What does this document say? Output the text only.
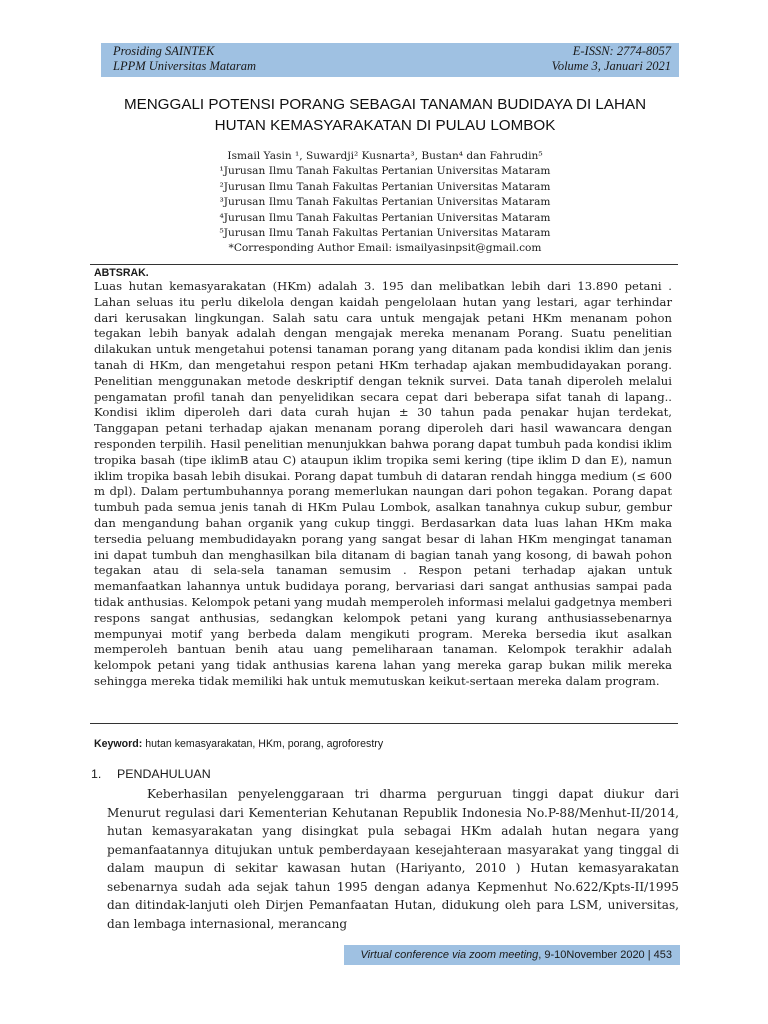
Prosiding SAINTEK	E-ISSN: 2774-8057
LPPM Universitas Mataram	Volume 3, Januari 2021
MENGGALI POTENSI PORANG SEBAGAI TANAMAN BUDIDAYA DI LAHAN
HUTAN KEMASYARAKATAN DI PULAU LOMBOK
Ismail Yasin ¹, Suwardji² Kusnarta³, Bustan⁴ dan Fahrudin⁵
¹Jurusan Ilmu Tanah Fakultas Pertanian Universitas Mataram
²Jurusan Ilmu Tanah Fakultas Pertanian Universitas Mataram
³Jurusan Ilmu Tanah Fakultas Pertanian Universitas Mataram
⁴Jurusan Ilmu Tanah Fakultas Pertanian Universitas Mataram
⁵Jurusan Ilmu Tanah Fakultas Pertanian Universitas Mataram
*Corresponding Author Email: ismailyasinpsit@gmail.com
ABTSRAK.
Luas hutan kemasyarakatan (HKm) adalah 3. 195 dan melibatkan lebih dari 13.890 petani . Lahan seluas itu perlu dikelola dengan kaidah pengelolaan hutan yang lestari, agar terhindar dari kerusakan lingkungan. Salah satu cara untuk mengajak petani HKm menanam pohon tegakan lebih banyak adalah dengan mengajak mereka menanam Porang. Suatu penelitian dilakukan untuk mengetahui potensi tanaman porang yang ditanam pada kondisi iklim dan jenis tanah di HKm, dan mengetahui respon petani HKm terhadap ajakan membudidayakan porang. Penelitian menggunakan metode deskriptif dengan teknik survei. Data tanah diperoleh melalui pengamatan profil tanah dan penyelidikan secara cepat dari beberapa sifat tanah di lapang.. Kondisi iklim diperoleh dari data curah hujan ± 30 tahun pada penakar hujan terdekat, Tanggapan petani terhadap ajakan menanam porang diperoleh dari hasil wawancara dengan responden terpilih. Hasil penelitian menunjukkan bahwa porang dapat tumbuh pada kondisi iklim tropika basah (tipe iklimB atau C) ataupun iklim tropika semi kering (tipe iklim D dan E), namun iklim tropika basah lebih disukai. Porang dapat tumbuh di dataran rendah hingga medium (≤ 600 m dpl). Dalam pertumbuhannya porang memerlukan naungan dari pohon tegakan. Porang dapat tumbuh pada semua jenis tanah di HKm Pulau Lombok, asalkan tanahnya cukup subur, gembur dan mengandung bahan organik yang cukup tinggi. Berdasarkan data luas lahan HKm maka tersedia peluang membudidayakn porang yang sangat besar di lahan HKm mengingat tanaman ini dapat tumbuh dan menghasilkan bila ditanam di bagian tanah yang kosong, di bawah pohon tegakan atau di sela-sela tanaman semusim . Respon petani terhadap ajakan untuk memanfaatkan lahannya untuk budidaya porang, bervariasi dari sangat anthusias sampai pada tidak anthusias. Kelompok petani yang mudah memperoleh informasi melalui gadgetnya memberi respons sangat anthusias, sedangkan kelompok petani yang kurang anthusiassebenarnya mempunyai motif yang berbeda dalam mengikuti program. Mereka bersedia ikut asalkan memperoleh bantuan benih atau uang pemeliharaan tanaman. Kelompok terakhir adalah kelompok petani yang tidak anthusias karena lahan yang mereka garap bukan milik mereka sehingga mereka tidak memiliki hak untuk memutuskan keikut-sertaan mereka dalam program.
Keyword: hutan kemasyarakatan, HKm, porang, agroforestry
1. PENDAHULUAN
Keberhasilan penyelenggaraan tri dharma perguruan tinggi dapat diukur dari Menurut regulasi dari Kementerian Kehutanan Republik Indonesia No.P-88/Menhut-II/2014, hutan kemasyarakatan yang disingkat pula sebagai HKm adalah hutan negara yang pemanfaatannya ditujukan untuk pemberdayaan kesejahteraan masyarakat yang tinggal di dalam maupun di sekitar kawasan hutan (Hariyanto, 2010 ) Hutan kemasyarakatan sebenarnya sudah ada sejak tahun 1995 dengan adanya Kepmenhut No.622/Kpts-II/1995 dan ditindak-lanjuti oleh Dirjen Pemanfaatan Hutan, didukung oleh para LSM, universitas, dan lembaga internasional, merancang
Virtual conference via zoom meeting, 9-10November 2020 | 453
